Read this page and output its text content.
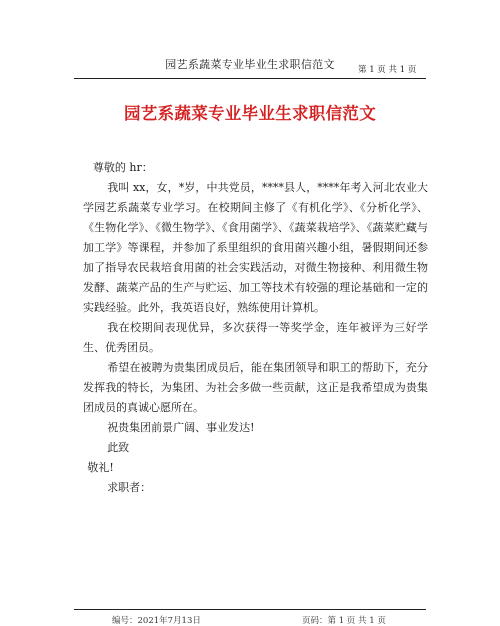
园艺系蔬菜专业毕业生求职信范文	第 1 页 共 1 页
园艺系蔬菜专业毕业生求职信范文

尊敬的 hr：

我叫 xx，女，*岁，中共党员，****县人，****年考入河北农业大学园艺系蔬菜专业学习。在校期间主修了《有机化学》、《分析化学》、《生物化学》、《微生物学》、《食用菌学》、《蔬菜栽培学》、《蔬菜贮藏与加工学》等课程，并参加了系里组织的食用菌兴趣小组，暑假期间还参加了指导农民栽培食用菌的社会实践活动，对微生物接种、利用微生物发酵、蔬菜产品的生产与贮运、加工等技术有较强的理论基础和一定的实践经验。此外，我英语良好，熟练使用计算机。

我在校期间表现优异，多次获得一等奖学金，连年被评为三好学生、优秀团员。

希望在被聘为贵集团成员后，能在集团领导和职工的帮助下，充分发挥我的特长，为集团、为社会多做一些贡献，这正是我希望成为贵集团成员的真诚心愿所在。

祝贵集团前景广阔、事业发达!

此致

敬礼!

求职者：

编号：2021年7月13日	页码：第 1 页 共 1 页
